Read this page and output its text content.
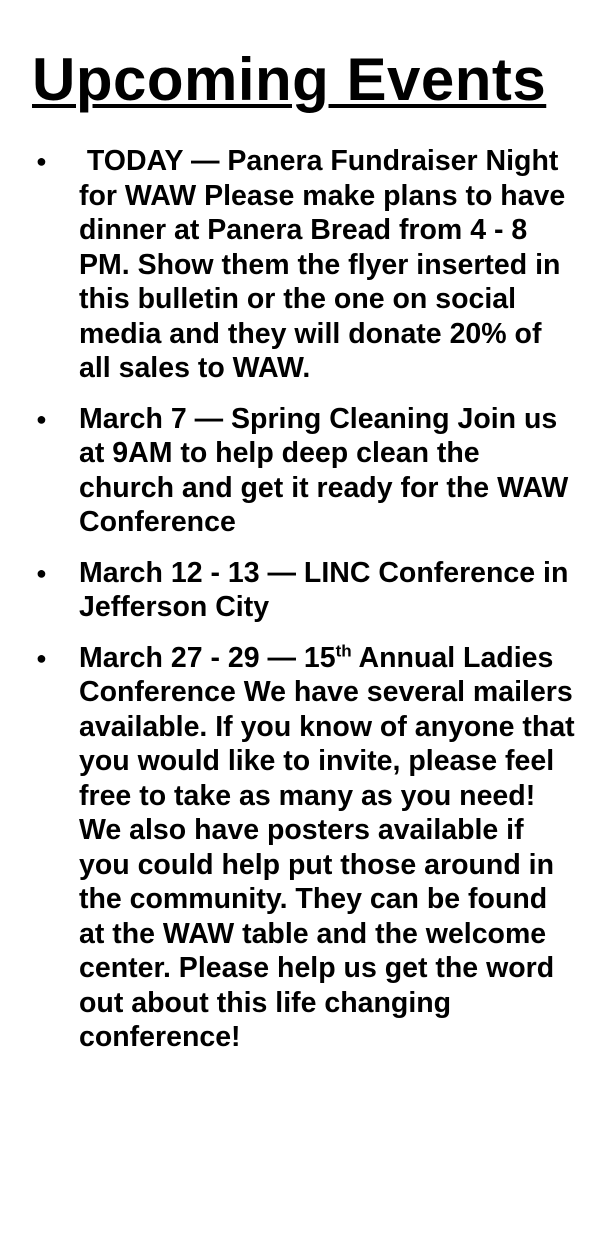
Upcoming Events
● TODAY — Panera Fundraiser Night for WAW Please make plans to have dinner at Panera Bread from 4 - 8 PM. Show them the flyer inserted in this bulletin or the one on social media and they will donate 20% of all sales to WAW.
● March 7 — Spring Cleaning Join us at 9AM to help deep clean the church and get it ready for the WAW Conference
● March 12 - 13 — LINC Conference in Jefferson City
● March 27 - 29 — 15th Annual Ladies Conference We have several mailers available. If you know of anyone that you would like to invite, please feel free to take as many as you need! We also have posters available if you could help put those around in the community. They can be found at the WAW table and the welcome center. Please help us get the word out about this life changing conference!
